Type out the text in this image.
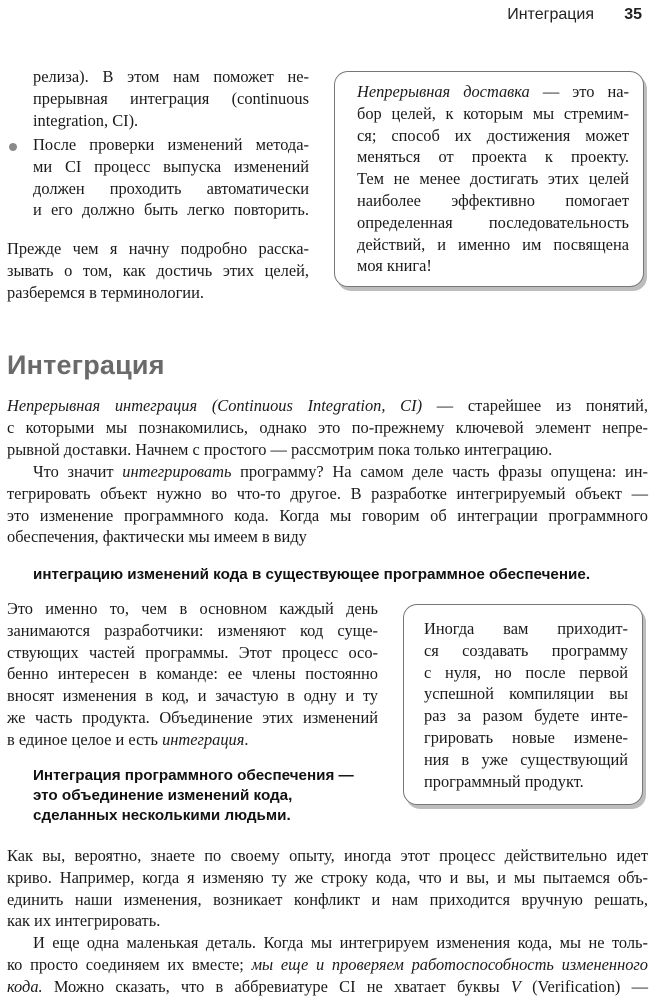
Интеграция 35
релиза). В этом нам поможет не-
прерывная интеграция (continuous
integration, CI).
После проверки изменений метода-
ми CI процесс выпуска изменений
должен проходить автоматически
и его должно быть легко повторить.
Прежде чем я начну подробно расска-
зывать о том, как достичь этих целей,
разберемся в терминологии.
Непрерывная доставка — это на-
бор целей, к которым мы стремим-
ся; способ их достижения может
меняться от проекта к проекту.
Тем не менее достигать этих целей
наиболее эффективно помогает
определенная последовательность
действий, и именно им посвящена
моя книга!
Интеграция
Непрерывная интеграция (Continuous Integration, CI) — старейшее из понятий,
с которыми мы познакомились, однако это по-прежнему ключевой элемент непре-
рывной доставки. Начнем с простого — рассмотрим пока только интеграцию.
Что значит интегрировать программу? На самом деле часть фразы опущена: ин-
тегрировать объект нужно во что-то другое. В разработке интегрируемый объект —
это изменение программного кода. Когда мы говорим об интеграции программного
обеспечения, фактически мы имеем в виду
интеграцию изменений кода в существующее программное обеспечение.
Это именно то, чем в основном каждый день
занимаются разработчики: изменяют код суще-
ствующих частей программы. Этот процесс осо-
бенно интересен в команде: ее члены постоянно
вносят изменения в код, и зачастую в одну и ту
же часть продукта. Объединение этих изменений
в единое целое и есть интеграция.
Интеграция программного обеспечения —
это объединение изменений кода,
сделанных несколькими людьми.
Иногда вам приходит-
ся создавать программу
с нуля, но после первой
успешной компиляции вы
раз за разом будете инте-
грировать новые измене-
ния в уже существующий
программный продукт.
Как вы, вероятно, знаете по своему опыту, иногда этот процесс действительно идет
криво. Например, когда я изменяю ту же строку кода, что и вы, и мы пытаемся объ-
единить наши изменения, возникает конфликт и нам приходится вручную решать,
как их интегрировать.
И еще одна маленькая деталь. Когда мы интегрируем изменения кода, мы не толь-
ко просто соединяем их вместе; мы еще и проверяем работоспособность измененного
кода. Можно сказать, что в аббревиатуре CI не хватает буквы V (Verification) —
